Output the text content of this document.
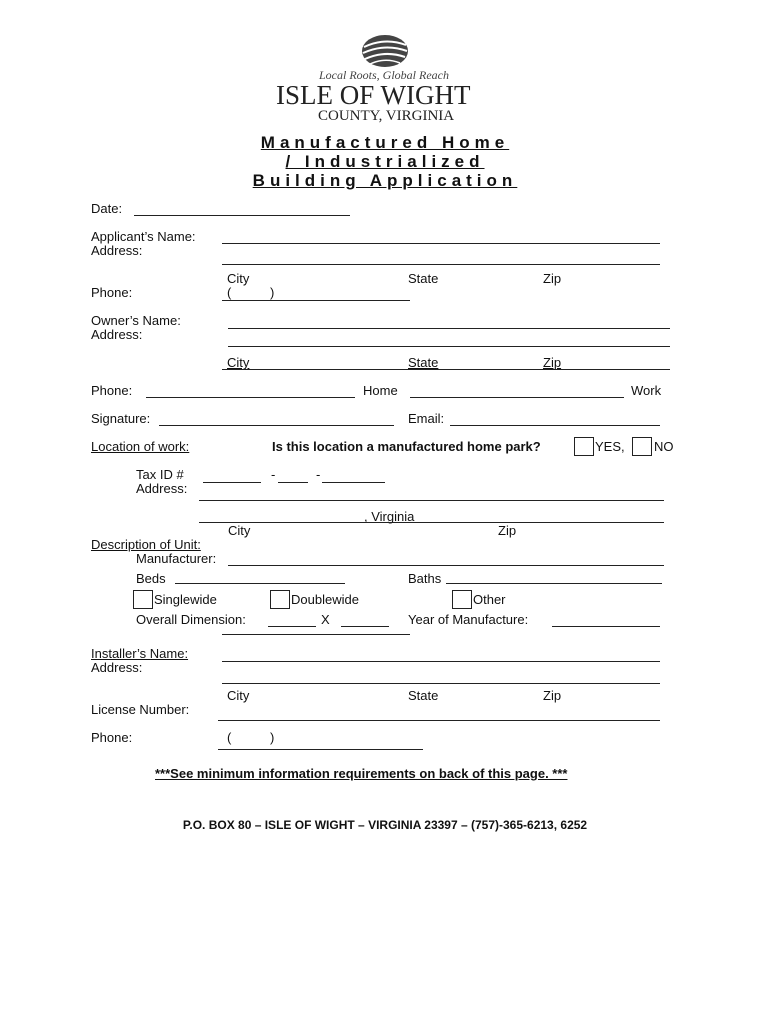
Local Roots, Global Reach
ISLE OF WIGHT
COUNTY, VIRGINIA
Manufactured Home
/ Industrialized
Building Application
Date:
Applicant’s Name:
Address:
City	State	Zip
Phone:	(	)
Owner’s Name:
Address:
City	State	Zip
Phone:	Home	Work
Signature:	Email:
Location of work:	Is this location a manufactured home park?	YES, NO
Tax ID #	-	-
Address:
, Virginia
City	Zip
Description of Unit:
Manufacturer:
Beds	Baths
Singlewide	Doublewide	Other
Overall Dimension:	X	Year of Manufacture:
Installer’s Name:
Address:
City	State	Zip
License Number:
Phone:	(	)
***See minimum information requirements on back of this page. ***
P.O. BOX 80 – ISLE OF WIGHT – VIRGINIA 23397 – (757)-365-6213, 6252
